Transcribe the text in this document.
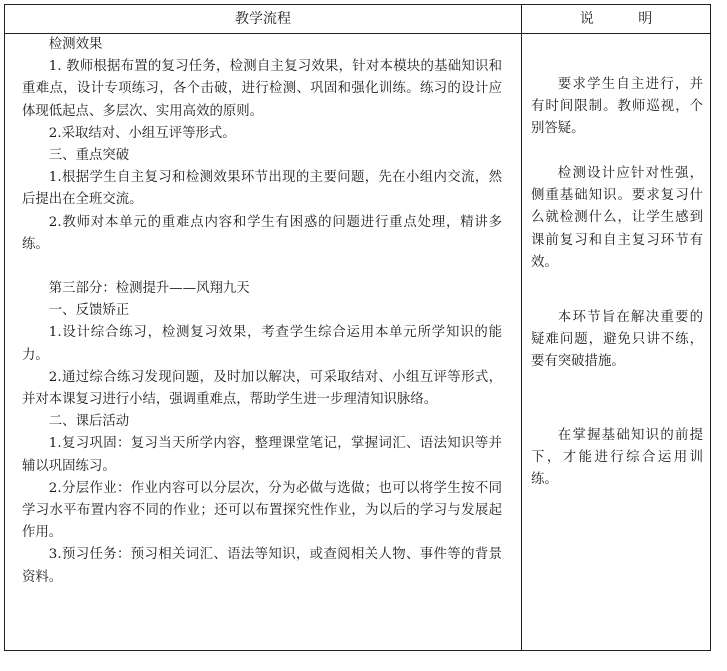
教学流程	说 明

检测效果

1. 教师根据布置的复习任务，检测自主复习效果，针对本模块的基础知识和重难点，设计专项练习，各个击破，进行检测、巩固和强化训练。练习的设计应体现低起点、多层次、实用高效的原则。

2.采取结对、小组互评等形式。

三、重点突破

1.根据学生自主复习和检测效果环节出现的主要问题，先在小组内交流，然后提出在全班交流。

2.教师对本单元的重难点内容和学生有困惑的问题进行重点处理，精讲多练。

第三部分：检测提升——风翔九天

一、反馈矫正

1.设计综合练习，检测复习效果，考查学生综合运用本单元所学知识的能力。

2.通过综合练习发现问题，及时加以解决，可采取结对、小组互评等形式，并对本课复习进行小结，强调重难点，帮助学生进一步理清知识脉络。

二、课后活动

1.复习巩固：复习当天所学内容，整理课堂笔记，掌握词汇、语法知识等并辅以巩固练习。

2.分层作业：作业内容可以分层次，分为必做与选做；也可以将学生按不同学习水平布置内容不同的作业；还可以布置探究性作业，为以后的学习与发展起作用。

3.预习任务：预习相关词汇、语法等知识，或查阅相关人物、事件等的背景资料。

要求学生自主进行，并有时间限制。教师巡视，个别答疑。

检测设计应针对性强，侧重基础知识。要求复习什么就检测什么，让学生感到课前复习和自主复习环节有效。

本环节旨在解决重要的疑难问题，避免只讲不练，要有突破措施。

在掌握基础知识的前提下，才能进行综合运用训练。
